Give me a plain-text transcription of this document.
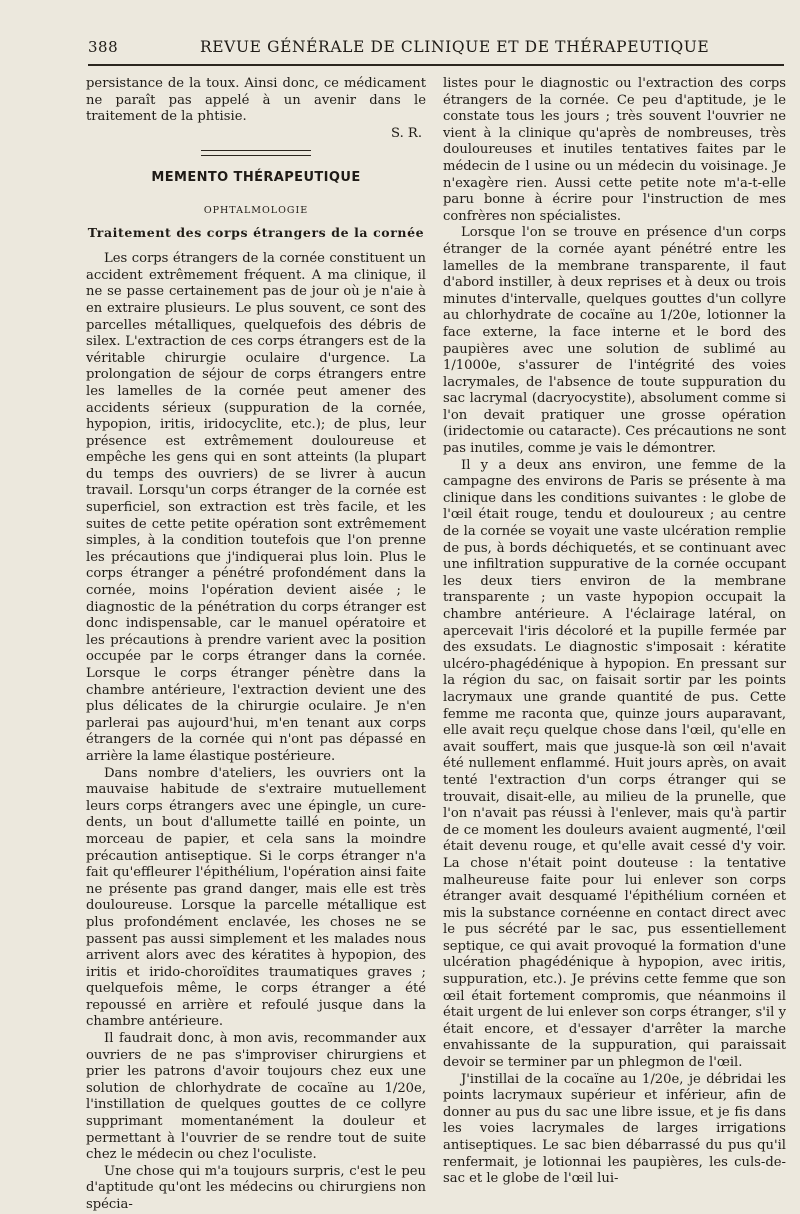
388	REVUE GÉNÉRALE DE CLINIQUE ET DE THÉRAPEUTIQUE

persistance de la toux. Ainsi donc, ce médicament ne paraît pas appelé à un avenir dans le traitement de la phtisie.

S. R.

MEMENTO THÉRAPEUTIQUE

OPHTALMOLOGIE

Traitement des corps étrangers de la cornée

Les corps étrangers de la cornée constituent un accident extrêmement fréquent. A ma clinique, il ne se passe certainement pas de jour où je n'aie à en extraire plusieurs. Le plus souvent, ce sont des parcelles métalliques, quelquefois des débris de silex. L'extraction de ces corps étrangers est de la véritable chirurgie oculaire d'urgence. La prolongation de séjour de corps étrangers entre les lamelles de la cornée peut amener des accidents sérieux (suppuration de la cornée, hypopion, iritis, iridocyclite, etc.); de plus, leur présence est extrêmement douloureuse et empêche les gens qui en sont atteints (la plupart du temps des ouvriers) de se livrer à aucun travail. Lorsqu'un corps étranger de la cornée est superficiel, son extraction est très facile, et les suites de cette petite opération sont extrêmement simples, à la condition toutefois que l'on prenne les précautions que j'indiquerai plus loin. Plus le corps étranger a pénétré profondément dans la cornée, moins l'opération devient aisée ; le diagnostic de la pénétration du corps étranger est donc indispensable, car le manuel opératoire et les précautions à prendre varient avec la position occupée par le corps étranger dans la cornée. Lorsque le corps étranger pénètre dans la chambre antérieure, l'extraction devient une des plus délicates de la chirurgie oculaire. Je n'en parlerai pas aujourd'hui, m'en tenant aux corps étrangers de la cornée qui n'ont pas dépassé en arrière la lame élastique postérieure.

Dans nombre d'ateliers, les ouvriers ont la mauvaise habitude de s'extraire mutuellement leurs corps étrangers avec une épingle, un cure-dents, un bout d'allumette taillé en pointe, un morceau de papier, et cela sans la moindre précaution antiseptique. Si le corps étranger n'a fait qu'effleurer l'épithélium, l'opération ainsi faite ne présente pas grand danger, mais elle est très douloureuse. Lorsque la parcelle métallique est plus profondément enclavée, les choses ne se passent pas aussi simplement et les malades nous arrivent alors avec des kératites à hypopion, des iritis et irido-choroïdites traumatiques graves ; quelquefois même, le corps étranger a été repoussé en arrière et refoulé jusque dans la chambre antérieure.

Il faudrait donc, à mon avis, recommander aux ouvriers de ne pas s'improviser chirurgiens et prier les patrons d'avoir toujours chez eux une solution de chlorhydrate de cocaïne au 1/20e, l'instillation de quelques gouttes de ce collyre supprimant momentanément la douleur et permettant à l'ouvrier de se rendre tout de suite chez le médecin ou chez l'oculiste.

Une chose qui m'a toujours surpris, c'est le peu d'aptitude qu'ont les médecins ou chirurgiens non spécia-

listes pour le diagnostic ou l'extraction des corps étrangers de la cornée. Ce peu d'aptitude, je le constate tous les jours ; très souvent l'ouvrier ne vient à la clinique qu'après de nombreuses, très douloureuses et inutiles tentatives faites par le médecin de l usine ou un médecin du voisinage. Je n'exagère rien. Aussi cette petite note m'a-t-elle paru bonne à écrire pour l'instruction de mes confrères non spécialistes.

Lorsque l'on se trouve en présence d'un corps étranger de la cornée ayant pénétré entre les lamelles de la membrane transparente, il faut d'abord instiller, à deux reprises et à deux ou trois minutes d'intervalle, quelques gouttes d'un collyre au chlorhydrate de cocaïne au 1/20e, lotionner la face externe, la face interne et le bord des paupières avec une solution de sublimé au 1/1000e, s'assurer de l'intégrité des voies lacrymales, de l'absence de toute suppuration du sac lacrymal (dacryocystite), absolument comme si l'on devait pratiquer une grosse opération (iridectomie ou cataracte). Ces précautions ne sont pas inutiles, comme je vais le démontrer.

Il y a deux ans environ, une femme de la campagne des environs de Paris se présente à ma clinique dans les conditions suivantes : le globe de l'œil était rouge, tendu et douloureux ; au centre de la cornée se voyait une vaste ulcération remplie de pus, à bords déchiquetés, et se continuant avec une infiltration suppurative de la cornée occupant les deux tiers environ de la membrane transparente ; un vaste hypopion occupait la chambre antérieure. A l'éclairage latéral, on apercevait l'iris décoloré et la pupille fermée par des exsudats. Le diagnostic s'imposait : kératite ulcéro-phagédénique à hypopion. En pressant sur la région du sac, on faisait sortir par les points lacrymaux une grande quantité de pus. Cette femme me raconta que, quinze jours auparavant, elle avait reçu quelque chose dans l'œil, qu'elle en avait souffert, mais que jusque-là son œil n'avait été nullement enflammé. Huit jours après, on avait tenté l'extraction d'un corps étranger qui se trouvait, disait-elle, au milieu de la prunelle, que l'on n'avait pas réussi à l'enlever, mais qu'à partir de ce moment les douleurs avaient augmenté, l'œil était devenu rouge, et qu'elle avait cessé d'y voir. La chose n'était point douteuse : la tentative malheureuse faite pour lui enlever son corps étranger avait desquamé l'épithélium cornéen et mis la substance cornéenne en contact direct avec le pus sécrété par le sac, pus essentiellement septique, ce qui avait provoqué la formation d'une ulcération phagédénique à hypopion, avec iritis, suppuration, etc.). Je prévins cette femme que son œil était fortement compromis, que néanmoins il était urgent de lui enlever son corps étranger, s'il y était encore, et d'essayer d'arrêter la marche envahissante de la suppuration, qui paraissait devoir se terminer par un phlegmon de l'œil.

J'instillai de la cocaïne au 1/20e, je débridai les points lacrymaux supérieur et inférieur, afin de donner au pus du sac une libre issue, et je fis dans les voies lacrymales de larges irrigations antiseptiques. Le sac bien débarrassé du pus qu'il renfermait, je lotionnai les paupières, les culs-de-sac et le globe de l'œil lui-
